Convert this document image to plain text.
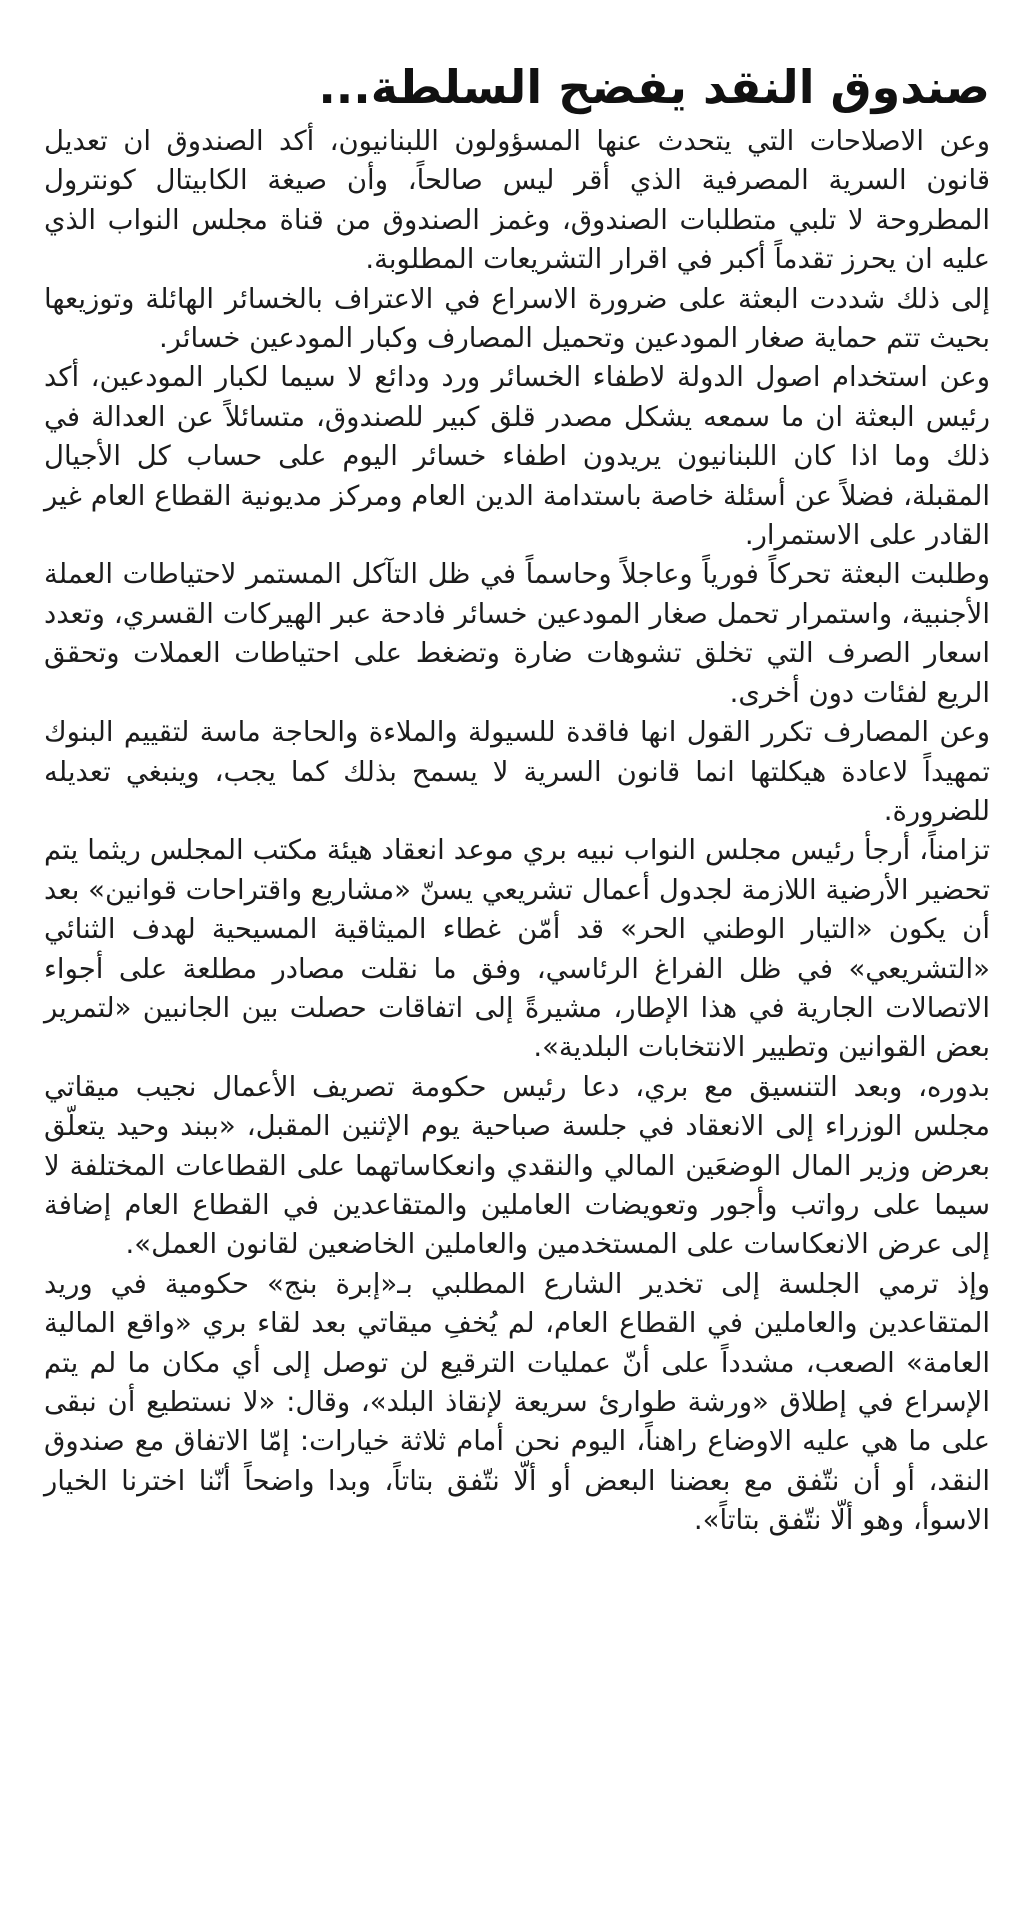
صندوق النقد يفضح السلطة...

وعن الاصلاحات التي يتحدث عنها المسؤولون اللبنانيون، أكد الصندوق ان تعديل قانون السرية المصرفية الذي أقر ليس صالحاً، وأن صيغة الكابيتال كونترول المطروحة لا تلبي متطلبات الصندوق، وغمز الصندوق من قناة مجلس النواب الذي عليه ان يحرز تقدماً أكبر في اقرار التشريعات المطلوبة.

إلى ذلك شددت البعثة على ضرورة الاسراع في الاعتراف بالخسائر الهائلة وتوزيعها بحيث تتم حماية صغار المودعين وتحميل المصارف وكبار المودعين خسائر.

وعن استخدام اصول الدولة لاطفاء الخسائر ورد ودائع لا سيما لكبار المودعين، أكد رئيس البعثة ان ما سمعه يشكل مصدر قلق كبير للصندوق، متسائلاً عن العدالة في ذلك وما اذا كان اللبنانيون يريدون اطفاء خسائر اليوم على حساب كل الأجيال المقبلة، فضلاً عن أسئلة خاصة باستدامة الدين العام ومركز مديونية القطاع العام غير القادر على الاستمرار.

وطلبت البعثة تحركاً فورياً وعاجلاً وحاسماً في ظل التآكل المستمر لاحتياطات العملة الأجنبية، واستمرار تحمل صغار المودعين خسائر فادحة عبر الهيركات القسري، وتعدد اسعار الصرف التي تخلق تشوهات ضارة وتضغط على احتياطات العملات وتحقق الريع لفئات دون أخرى.

وعن المصارف تكرر القول انها فاقدة للسيولة والملاءة والحاجة ماسة لتقييم البنوك تمهيداً لاعادة هيكلتها انما قانون السرية لا يسمح بذلك كما يجب، وينبغي تعديله للضرورة.

تزامناً، أرجأ رئيس مجلس النواب نبيه بري موعد انعقاد هيئة مكتب المجلس ريثما يتم تحضير الأرضية اللازمة لجدول أعمال تشريعي يسنّ «مشاريع واقتراحات قوانين» بعد أن يكون «التيار الوطني الحر» قد أمّن غطاء الميثاقية المسيحية لهدف الثنائي «التشريعي» في ظل الفراغ الرئاسي، وفق ما نقلت مصادر مطلعة على أجواء الاتصالات الجارية في هذا الإطار، مشيرةً إلى اتفاقات حصلت بين الجانبين «لتمرير بعض القوانين وتطيير الانتخابات البلدية».

بدوره، وبعد التنسيق مع بري، دعا رئيس حكومة تصريف الأعمال نجيب ميقاتي مجلس الوزراء إلى الانعقاد في جلسة صباحية يوم الإثنين المقبل، «ببند وحيد يتعلّق بعرض وزير المال الوضعَين المالي والنقدي وانعكاساتهما على القطاعات المختلفة لا سيما على رواتب وأجور وتعويضات العاملين والمتقاعدين في القطاع العام إضافة إلى عرض الانعكاسات على المستخدمين والعاملين الخاضعين لقانون العمل».

وإذ ترمي الجلسة إلى تخدير الشارع المطلبي بـ«إبرة بنج» حكومية في وريد المتقاعدين والعاملين في القطاع العام، لم يُخفِ ميقاتي بعد لقاء بري «واقع المالية العامة» الصعب، مشدداً على أنّ عمليات الترقيع لن توصل إلى أي مكان ما لم يتم الإسراع في إطلاق «ورشة طوارئ سريعة لإنقاذ البلد»، وقال: «لا نستطيع أن نبقى على ما هي عليه الاوضاع راهناً، اليوم نحن أمام ثلاثة خيارات: إمّا الاتفاق مع صندوق النقد، أو أن نتّفق مع بعضنا البعض أو ألّا نتّفق بتاتاً، وبدا واضحاً أنّنا اخترنا الخيار الاسوأ، وهو ألّا نتّفق بتاتاً».
